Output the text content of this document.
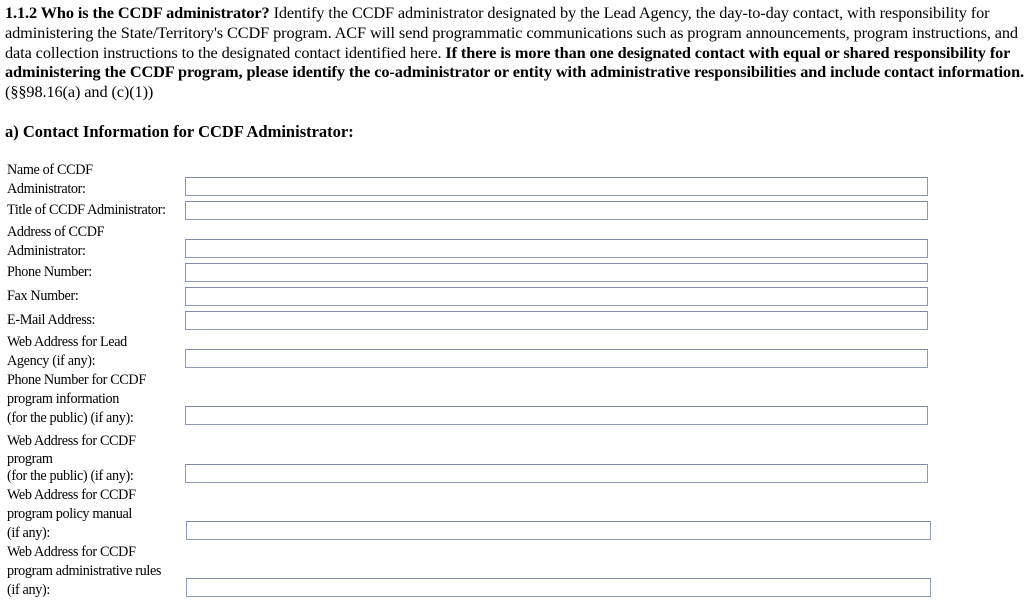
1.1.2 Who is the CCDF administrator? Identify the CCDF administrator designated by the Lead Agency, the day-to-day contact, with responsibility for administering the State/Territory's CCDF program. ACF will send programmatic communications such as program announcements, program instructions, and data collection instructions to the designated contact identified here. If there is more than one designated contact with equal or shared responsibility for administering the CCDF program, please identify the co-administrator or entity with administrative responsibilities and include contact information. (§§98.16(a) and (c)(1))
a) Contact Information for CCDF Administrator:
Name of CCDF
Administrator:
Title of CCDF Administrator:
Address of CCDF
Administrator:
Phone Number:
Fax Number:
E-Mail Address:
Web Address for Lead
Agency (if any):
Phone Number for CCDF
program information
(for the public) (if any):
Web Address for CCDF
program
(for the public) (if any):
Web Address for CCDF
program policy manual
(if any):
Web Address for CCDF
program administrative rules
(if any):
